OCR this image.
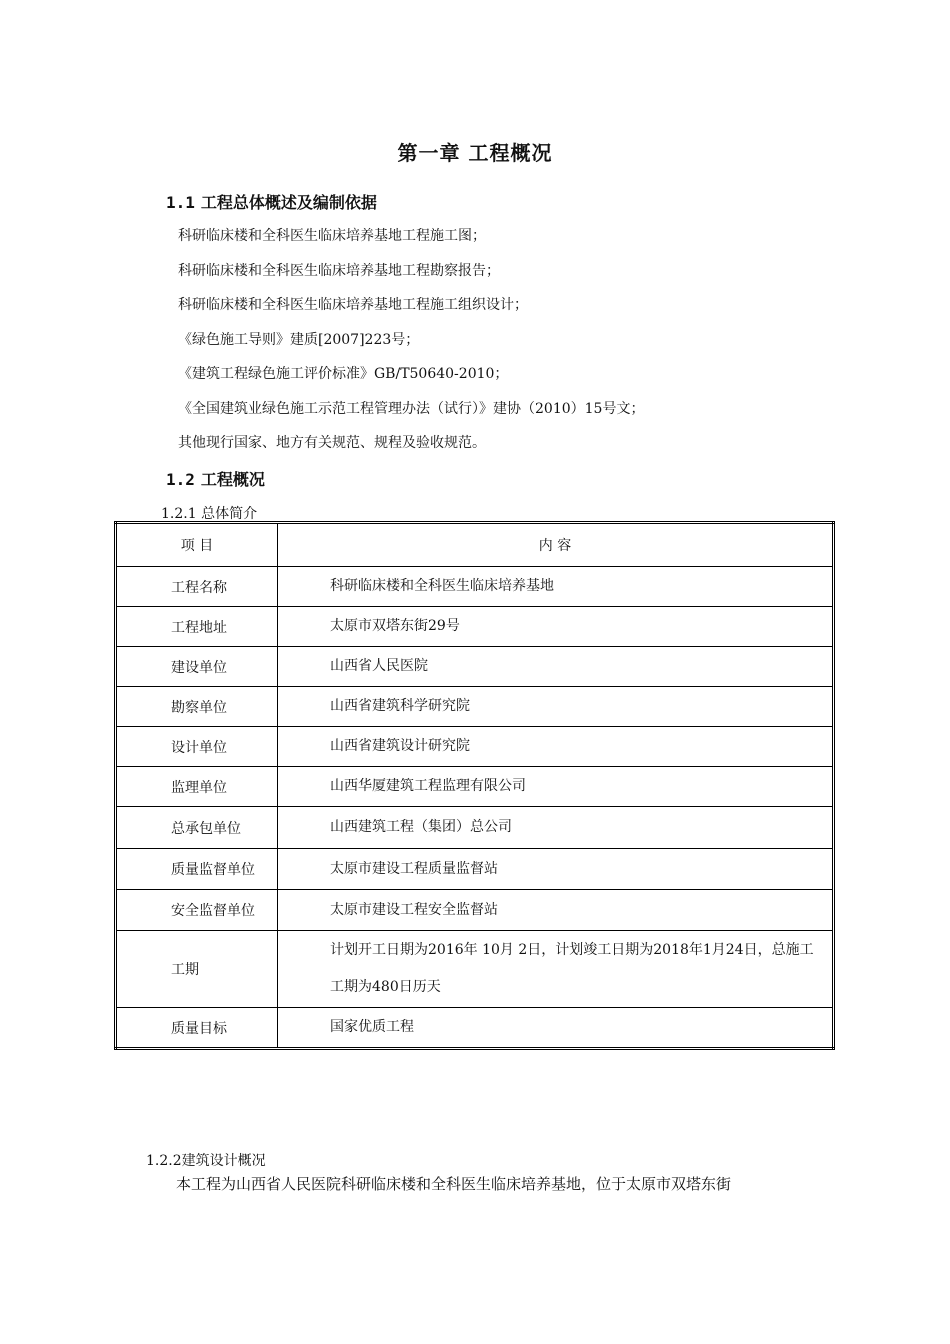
第一章 工程概况
1.1 工程总体概述及编制依据
科研临床楼和全科医生临床培养基地工程施工图；
科研临床楼和全科医生临床培养基地工程勘察报告；
科研临床楼和全科医生临床培养基地工程施工组织设计；
《绿色施工导则》建质[2007]223号；
《建筑工程绿色施工评价标准》GB/T50640-2010；
《全国建筑业绿色施工示范工程管理办法（试行）》建协（2010）15号文；
其他现行国家、地方有关规范、规程及验收规范。
1.2 工程概况
1.2.1 总体简介
项 目	内 容
工程名称	科研临床楼和全科医生临床培养基地
工程地址	太原市双塔东街29号
建设单位	山西省人民医院
勘察单位	山西省建筑科学研究院
设计单位	山西省建筑设计研究院
监理单位	山西华厦建筑工程监理有限公司
总承包单位	山西建筑工程（集团）总公司
质量监督单位	太原市建设工程质量监督站
安全监督单位	太原市建设工程安全监督站
工期	计划开工日期为2016年 10月 2日，计划竣工日期为2018年1月24日，总施工工期为480日历天
质量目标	国家优质工程
1.2.2建筑设计概况
本工程为山西省人民医院科研临床楼和全科医生临床培养基地，位于太原市双塔东街
